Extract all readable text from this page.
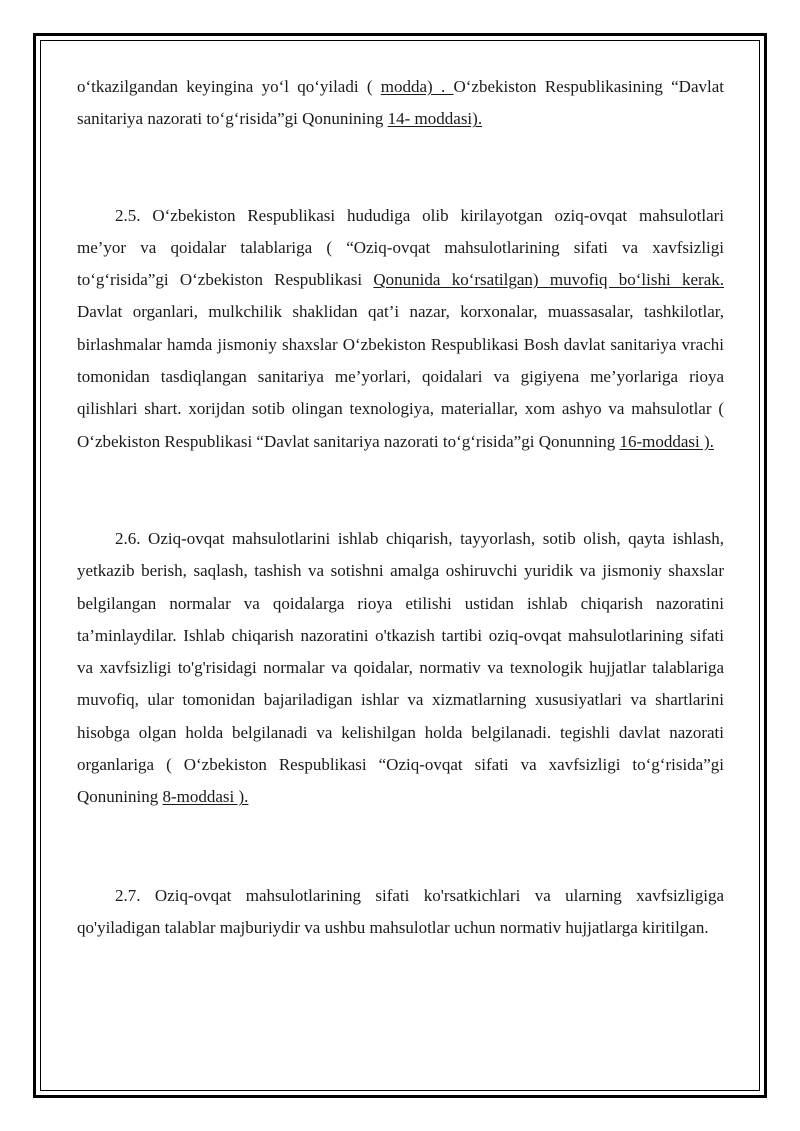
o‘tkazilgandan keyingina yo‘l qo‘yiladi ( modda) . O‘zbekiston Respublikasining “Davlat sanitariya nazorati to‘g‘risida”gi Qonunining 14- moddasi).

2.5. O‘zbekiston Respublikasi hududiga olib kirilayotgan oziq-ovqat mahsulotlari me’yor va qoidalar talablariga ( “Oziq-ovqat mahsulotlarining sifati va xavfsizligi to‘g‘risida”gi O‘zbekiston Respublikasi Qonunida ko‘rsatilgan) muvofiq bo‘lishi kerak. Davlat organlari, mulkchilik shaklidan qat’i nazar, korxonalar, muassasalar, tashkilotlar, birlashmalar hamda jismoniy shaxslar O‘zbekiston Respublikasi Bosh davlat sanitariya vrachi tomonidan tasdiqlangan sanitariya me’yorlari, qoidalari va gigiyena me’yorlariga rioya qilishlari shart. xorijdan sotib olingan texnologiya, materiallar, xom ashyo va mahsulotlar ( O‘zbekiston Respublikasi “Davlat sanitariya nazorati to‘g‘risida”gi Qonunning 16-moddasi ).

2.6. Oziq-ovqat mahsulotlarini ishlab chiqarish, tayyorlash, sotib olish, qayta ishlash, yetkazib berish, saqlash, tashish va sotishni amalga oshiruvchi yuridik va jismoniy shaxslar belgilangan normalar va qoidalarga rioya etilishi ustidan ishlab chiqarish nazoratini ta’minlaydilar. Ishlab chiqarish nazoratini o'tkazish tartibi oziq-ovqat mahsulotlarining sifati va xavfsizligi to'g'risidagi normalar va qoidalar, normativ va texnologik hujjatlar talablariga muvofiq, ular tomonidan bajariladigan ishlar va xizmatlarning xususiyatlari va shartlarini hisobga olgan holda belgilanadi va kelishilgan holda belgilanadi. tegishli davlat nazorati organlariga ( O‘zbekiston Respublikasi “Oziq-ovqat sifati va xavfsizligi to‘g‘risida”gi Qonunining 8-moddasi ).

2.7. Oziq-ovqat mahsulotlarining sifati ko'rsatkichlari va ularning xavfsizligiga qo'yiladigan talablar majburiydir va ushbu mahsulotlar uchun normativ hujjatlarga kiritilgan.
